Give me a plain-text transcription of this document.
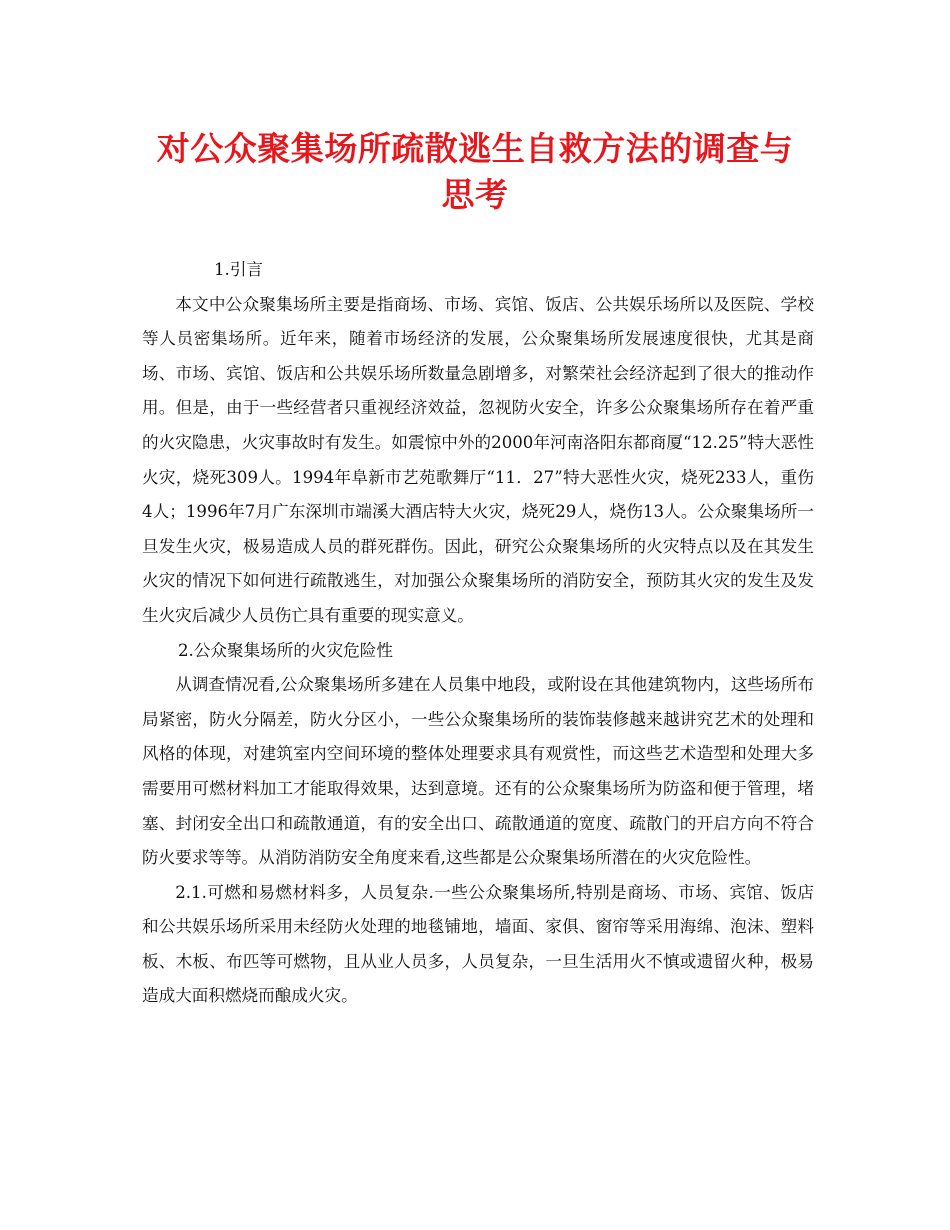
对公众聚集场所疏散逃生自救方法的调查与
思考

1.引言

本文中公众聚集场所主要是指商场、市场、宾馆、饭店、公共娱乐场所以及医院、学校等人员密集场所。近年来，随着市场经济的发展，公众聚集场所发展速度很快，尤其是商场、市场、宾馆、饭店和公共娱乐场所数量急剧增多，对繁荣社会经济起到了很大的推动作用。但是，由于一些经营者只重视经济效益，忽视防火安全，许多公众聚集场所存在着严重的火灾隐患，火灾事故时有发生。如震惊中外的2000年河南洛阳东都商厦“12.25”特大恶性火灾，烧死309人。1994年阜新市艺苑歌舞厅“11．27”特大恶性火灾，烧死233人，重伤4人；1996年7月广东深圳市端溪大酒店特大火灾，烧死29人，烧伤13人。公众聚集场所一旦发生火灾，极易造成人员的群死群伤。因此，研究公众聚集场所的火灾特点以及在其发生火灾的情况下如何进行疏散逃生，对加强公众聚集场所的消防安全，预防其火灾的发生及发生火灾后减少人员伤亡具有重要的现实意义。

2.公众聚集场所的火灾危险性

从调查情况看,公众聚集场所多建在人员集中地段，或附设在其他建筑物内，这些场所布局紧密，防火分隔差，防火分区小，一些公众聚集场所的装饰装修越来越讲究艺术的处理和风格的体现，对建筑室内空间环境的整体处理要求具有观赏性，而这些艺术造型和处理大多需要用可燃材料加工才能取得效果，达到意境。还有的公众聚集场所为防盗和便于管理，堵塞、封闭安全出口和疏散通道，有的安全出口、疏散通道的宽度、疏散门的开启方向不符合防火要求等等。从消防消防安全角度来看,这些都是公众聚集场所潜在的火灾危险性。

2.1.可燃和易燃材料多，人员复杂.一些公众聚集场所,特别是商场、市场、宾馆、饭店和公共娱乐场所采用未经防火处理的地毯铺地，墙面、家俱、窗帘等采用海绵、泡沫、塑料板、木板、布匹等可燃物，且从业人员多，人员复杂，一旦生活用火不慎或遗留火种，极易造成大面积燃烧而酿成火灾。
